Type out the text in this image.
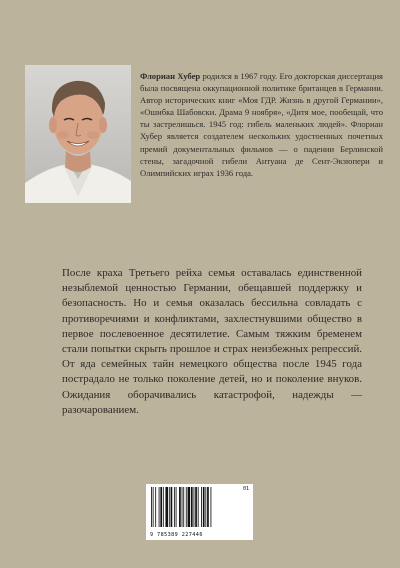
Флориан Хубер родился в 1967 году. Его докторская диссертация была посвящена оккупационной политике британцев в Германии. Автор исторических книг «Моя ГДР. Жизнь в другой Германии», «Ошибка Шабовски. Драма 9 ноября», «Дитя мое, пообещай, что ты застрелишься. 1945 год: гибель маленьких людей». Флориан Хубер является создателем нескольких удостоенных почетных премий документальных фильмов — о падении Берлинской стены, загадочной гибели Антуана де Сент-Экзюпери и Олимпийских играх 1936 года.

После краха Третьего рейха семья оставалась единственной незыблемой ценностью Германии, обещавшей поддержку и безопасность. Но и семья оказалась бессильна совладать с противоречиями и конфликтами, захлестнувшими общество в первое послевоенное десятилетие. Самым тяжким бременем стали попытки скрыть прошлое и страх неизбежных репрессий. От яда семейных тайн немецкого общества после 1945 года пострадало не только поколение детей, но и поколение внуков. Ожидания оборачивались катастрофой, надежды — разочарованием.

01
9 785389 227446
